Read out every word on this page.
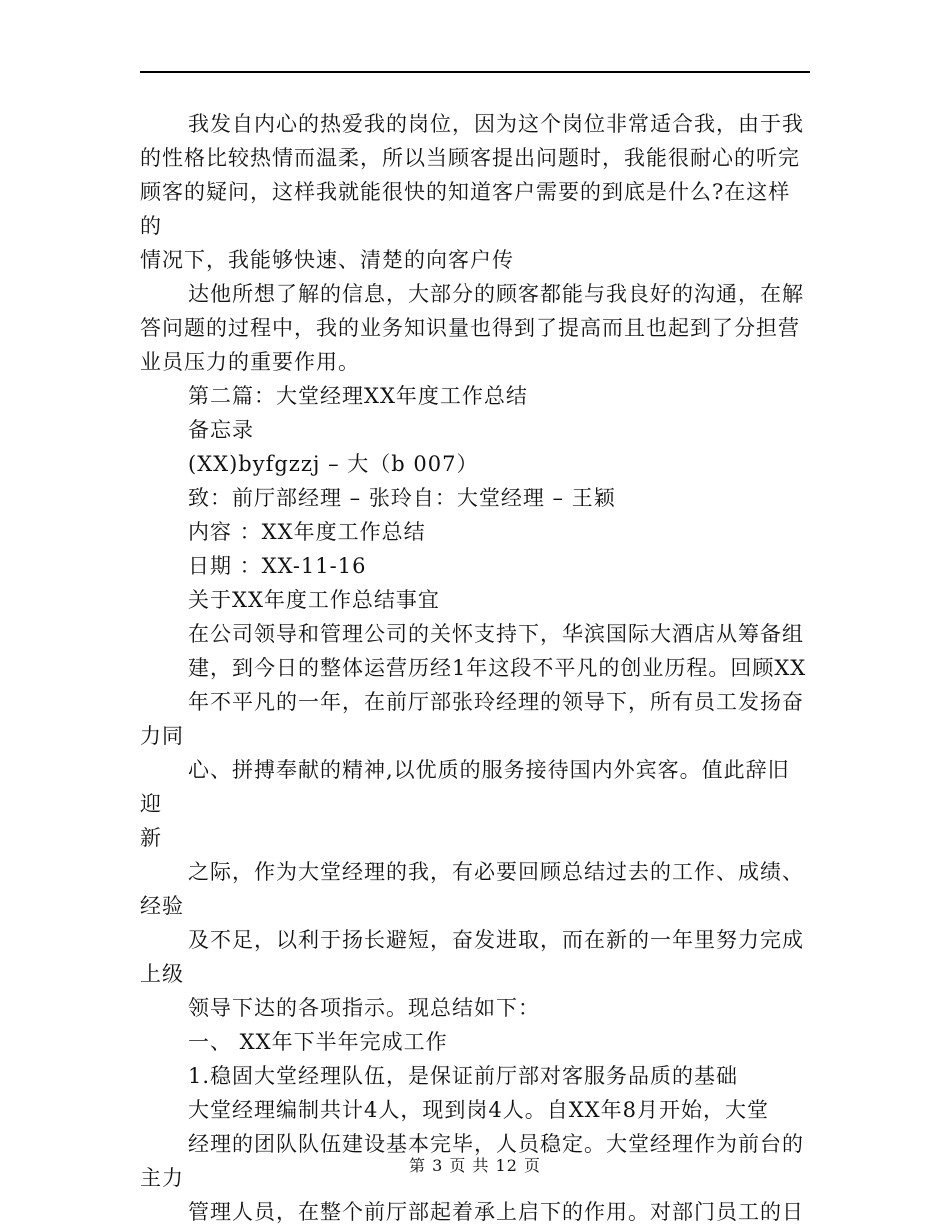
我发自内心的热爱我的岗位，因为这个岗位非常适合我，由于我

的性格比较热情而温柔，所以当顾客提出问题时，我能很耐心的听完

顾客的疑问，这样我就能很快的知道客户需要的到底是什么?在这样的

情况下，我能够快速、清楚的向客户传

达他所想了解的信息，大部分的顾客都能与我良好的沟通，在解

答问题的过程中，我的业务知识量也得到了提高而且也起到了分担营

业员压力的重要作用。

第二篇：大堂经理XX年度工作总结

备忘录

(XX)byfgzzj – 大（b 007）

致：前厅部经理 – 张玲自：大堂经理 – 王颖

内容 ：XX年度工作总结

日期 ：XX-11-16

关于XX年度工作总结事宜

在公司领导和管理公司的关怀支持下，华滨国际大酒店从筹备组

建，到今日的整体运营历经1年这段不平凡的创业历程。回顾XX

年不平凡的一年，在前厅部张玲经理的领导下，所有员工发扬奋

力同

心、拼搏奉献的精神,以优质的服务接待国内外宾客。值此辞旧迎

新

之际，作为大堂经理的我，有必要回顾总结过去的工作、成绩、

经验

及不足，以利于扬长避短，奋发进取，而在新的一年里努力完成

上级

领导下达的各项指示。现总结如下：

一、 XX年下半年完成工作

1.稳固大堂经理队伍，是保证前厅部对客服务品质的基础

大堂经理编制共计4人，现到岗4人。自XX年8月开始，大堂

经理的团队队伍建设基本完毕，人员稳定。大堂经理作为前台的

主力

管理人员，在整个前厅部起着承上启下的作用。对部门员工的日

第 3 页 共 12 页
